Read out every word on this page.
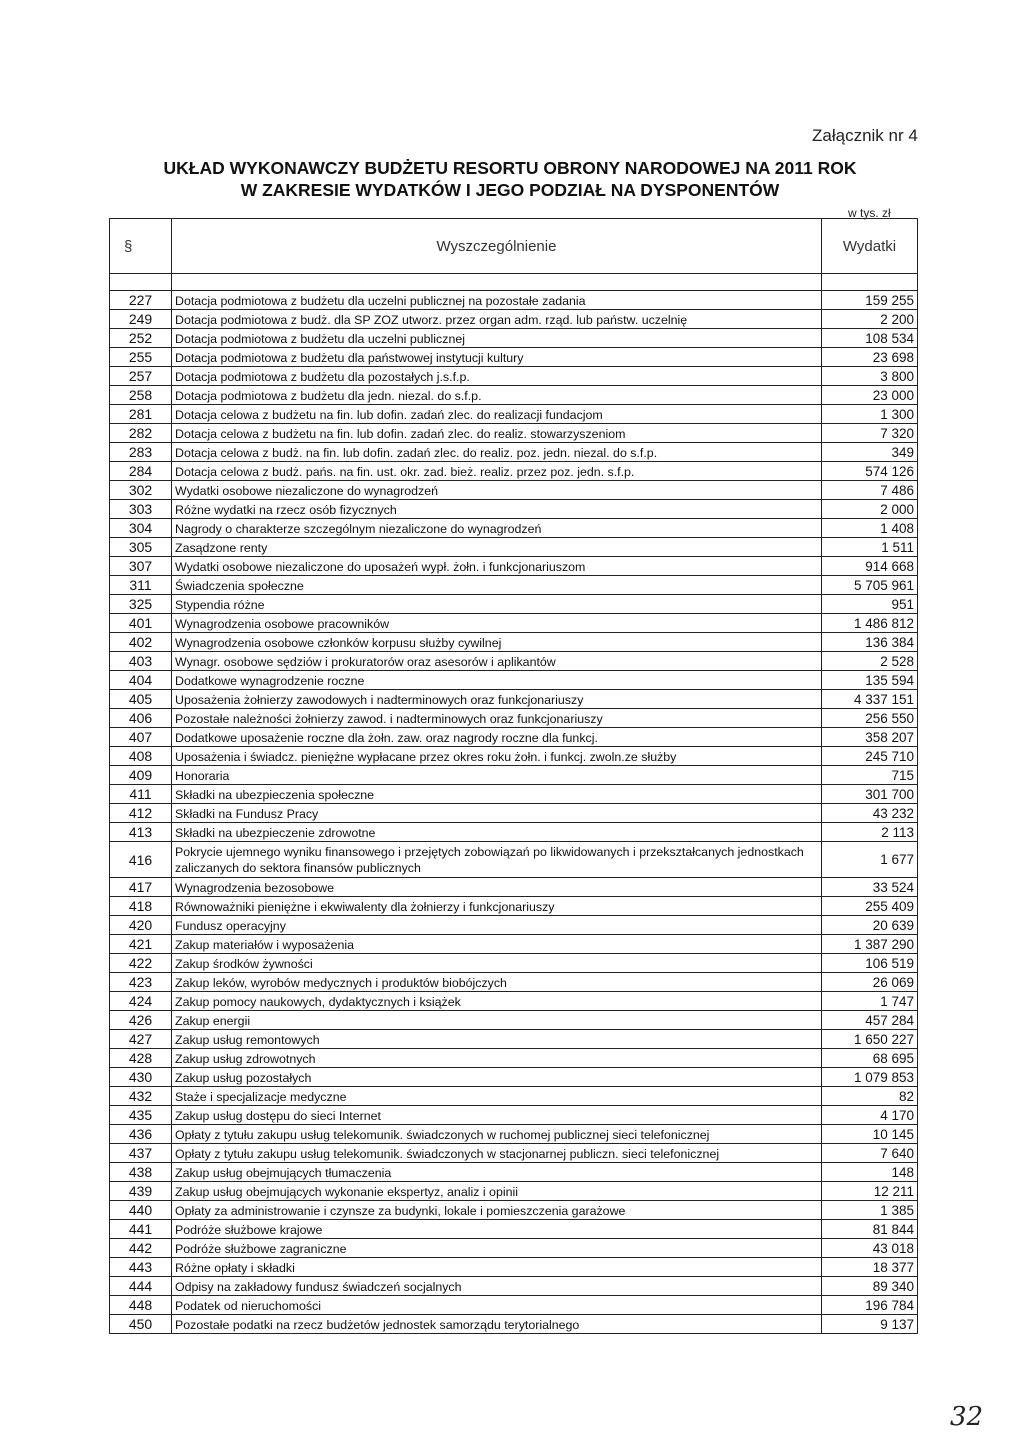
Załącznik nr 4
UKŁAD WYKONAWCZY BUDŻETU RESORTU OBRONY NARODOWEJ NA 2011 ROK
W ZAKRESIE WYDATKÓW I JEGO PODZIAŁ NA DYSPONENTÓW
w tys. zł
§	Wyszczególnienie	Wydatki

227	Dotacja podmiotowa z budżetu dla uczelni publicznej na pozostałe zadania	159 255
249	Dotacja podmiotowa z budż. dla SP ZOZ utworz. przez organ adm. rząd. lub państw. uczelnię	2 200
252	Dotacja podmiotowa z budżetu dla uczelni publicznej	108 534
255	Dotacja podmiotowa z budżetu dla państwowej instytucji kultury	23 698
257	Dotacja podmiotowa z budżetu dla pozostałych j.s.f.p.	3 800
258	Dotacja podmiotowa z budżetu dla jedn. niezal. do s.f.p.	23 000
281	Dotacja celowa z budżetu na fin. lub dofin. zadań zlec. do realizacji fundacjom	1 300
282	Dotacja celowa z budżetu na fin. lub dofin. zadań zlec. do realiz. stowarzyszeniom	7 320
283	Dotacja celowa z budż. na fin. lub dofin. zadań zlec. do realiz. poz. jedn. niezal. do s.f.p.	349
284	Dotacja celowa z budż. pańs. na fin. ust. okr. zad. bież. realiz. przez poz. jedn. s.f.p.	574 126
302	Wydatki osobowe niezaliczone do wynagrodzeń	7 486
303	Różne wydatki na rzecz osób fizycznych	2 000
304	Nagrody o charakterze szczególnym niezaliczone do wynagrodzeń	1 408
305	Zasądzone renty	1 511
307	Wydatki osobowe niezaliczone do uposażeń wypł. żołn. i funkcjonariuszom	914 668
311	Świadczenia społeczne	5 705 961
325	Stypendia różne	951
401	Wynagrodzenia osobowe pracowników	1 486 812
402	Wynagrodzenia osobowe członków korpusu służby cywilnej	136 384
403	Wynagr. osobowe sędziów i prokuratorów oraz asesorów i aplikantów	2 528
404	Dodatkowe wynagrodzenie roczne	135 594
405	Uposażenia żołnierzy zawodowych i nadterminowych oraz funkcjonariuszy	4 337 151
406	Pozostałe należności żołnierzy zawod. i nadterminowych oraz funkcjonariuszy	256 550
407	Dodatkowe uposażenie roczne dla żołn. zaw. oraz nagrody roczne dla funkcj.	358 207
408	Uposażenia i świadcz. pieniężne wypłacane przez okres roku żołn. i funkcj. zwoln.ze służby	245 710
409	Honoraria	715
411	Składki na ubezpieczenia społeczne	301 700
412	Składki na Fundusz Pracy	43 232
413	Składki na ubezpieczenie zdrowotne	2 113
416	Pokrycie ujemnego wyniku finansowego i przejętych zobowiązań po likwidowanych i przekształcanych jednostkach zaliczanych do sektora finansów publicznych	1 677
417	Wynagrodzenia bezosobowe	33 524
418	Równoważniki pieniężne i ekwiwalenty dla żołnierzy i funkcjonariuszy	255 409
420	Fundusz operacyjny	20 639
421	Zakup materiałów i wyposażenia	1 387 290
422	Zakup środków żywności	106 519
423	Zakup leków, wyrobów medycznych i produktów biobójczych	26 069
424	Zakup pomocy naukowych, dydaktycznych i książek	1 747
426	Zakup energii	457 284
427	Zakup usług remontowych	1 650 227
428	Zakup usług zdrowotnych	68 695
430	Zakup usług pozostałych	1 079 853
432	Staże i specjalizacje medyczne	82
435	Zakup usług dostępu do sieci Internet	4 170
436	Opłaty z tytułu zakupu usług telekomunik. świadczonych w ruchomej publicznej sieci telefonicznej	10 145
437	Opłaty z tytułu zakupu usług telekomunik. świadczonych w stacjonarnej publiczn. sieci telefonicznej	7 640
438	Zakup usług obejmujących tłumaczenia	148
439	Zakup usług obejmujących wykonanie ekspertyz, analiz i opinii	12 211
440	Opłaty za administrowanie i czynsze za budynki, lokale i pomieszczenia garażowe	1 385
441	Podróże służbowe krajowe	81 844
442	Podróże służbowe zagraniczne	43 018
443	Różne opłaty i składki	18 377
444	Odpisy na zakładowy fundusz świadczeń socjalnych	89 340
448	Podatek od nieruchomości	196 784
450	Pozostałe podatki na rzecz budżetów jednostek samorządu terytorialnego	9 137
32
